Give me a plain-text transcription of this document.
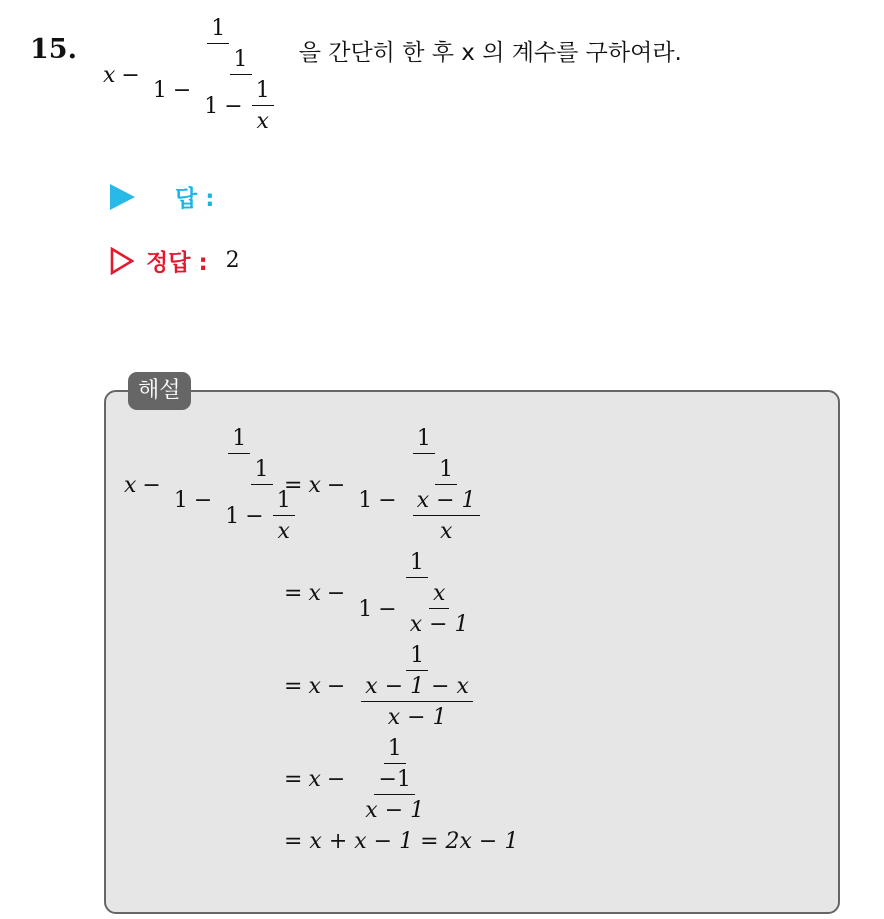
15.
x −
1
1 −
1
$1 - \frac{1}{x}$
을 간단히 한 후 x 의 계수를 구하여라.
답 :
정답 : 2
해설
x −
1
1 −
1
$1 - \frac{1}{x}$
= x −
1
$1 - \frac{1}{\frac{x - 1}{x}}$
= $x - \frac{1}{1 - \frac{x}{x - 1}}$
= $x - \frac{1}{\frac{x - 1 - x}{x - 1}}$
= $x - \frac{1}{\frac{-1}{x - 1}}$
= x + x − 1 = 2x − 1
